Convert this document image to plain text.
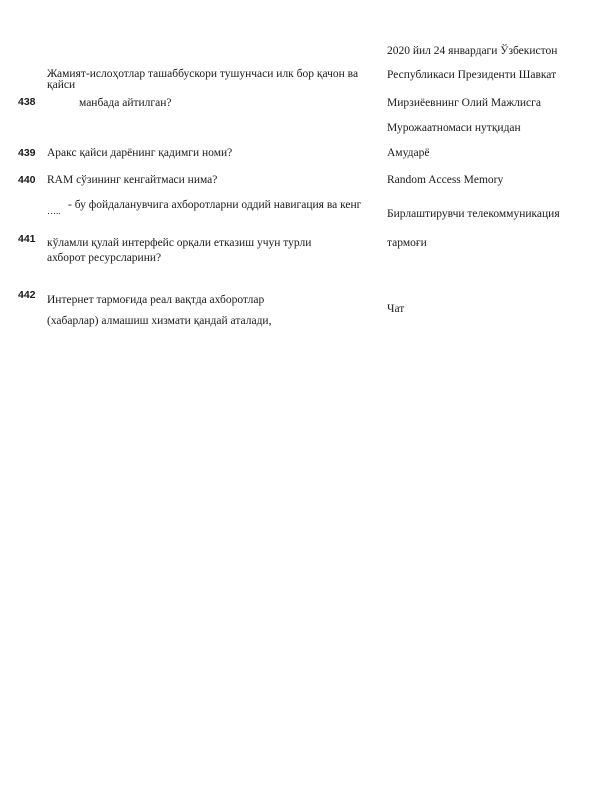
438
Жамият-ислоҳотлар ташаббускори тушунчаси илк бор қачон ва
қайси
манбада айтилган?
2020 йил 24 январдаги Ўзбекистон
Республикаси Президенти Шавкат
Мирзиёевнинг Олий Мажлисга
Мурожаатномаси нутқидан
439 Аракс қайси дарёнинг қадимги номи?	Амударё
440 RAM сўзининг кенгайтмаси нима?	Random Access Memory
441
….. - бу фойдаланувчига ахборотларни оддий навигация ва кенг
кўламли қулай интерфейс орқали етказиш учун турли
ахборот ресурсларини?
Бирлаштирувчи телекоммуникация
тармоғи
442 Интернет тармоғида реал вақтда ахборотлар
(хабарлар) алмашиш хизмати қандай аталади,
Чат
